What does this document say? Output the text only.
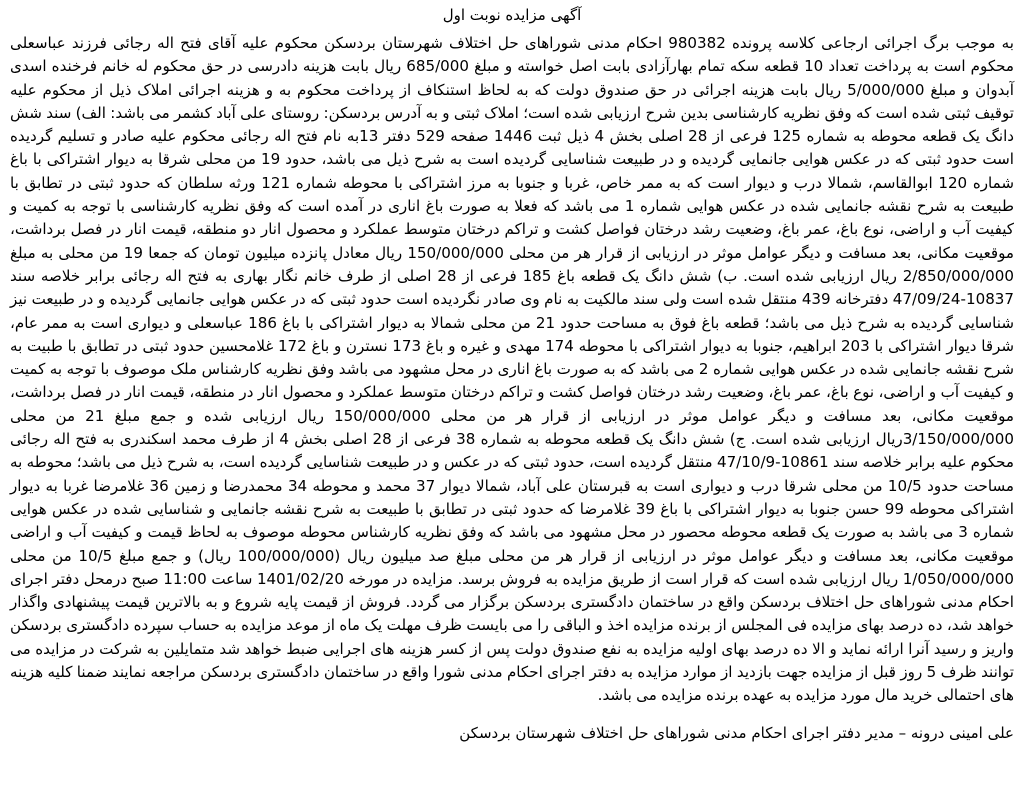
آگهی مزایده نوبت اول

به موجب برگ اجرائی ارجاعی کلاسه پرونده 980382 احکام مدنی شوراهای حل اختلاف شهرستان بردسکن محکوم علیه آقای فتح اله رجائی فرزند عباسعلی محکوم است به پرداخت تعداد 10 قطعه سکه تمام بهارآزادی بابت اصل خواسته و مبلغ 685/000 ریال بابت هزینه دادرسی در حق محکوم له خانم فرخنده اسدی آبدوان و مبلغ 5/000/000 ریال بابت هزینه اجرائی در حق صندوق دولت که به لحاظ استنکاف از پرداخت محکوم به و هزینه اجرائی املاک ذیل از محکوم علیه توقیف ثبتی شده است که وفق نظریه کارشناسی بدین شرح ارزیابی شده است؛ املاک ثبتی و به آدرس بردسکن: روستای علی آباد کشمر می باشد: الف) سند شش دانگ یک قطعه محوطه به شماره 125 فرعی از 28 اصلی بخش 4 ذیل ثبت 1446 صفحه 529 دفتر 13به نام فتح اله رجائی محکوم علیه صادر و تسلیم گردیده است حدود ثبتی که در عکس هوایی جانمایی گردیده و در طبیعت شناسایی گردیده است به شرح ذیل می باشد، حدود 19 من محلی شرقا به دیوار اشتراکی با باغ شماره 120 ابوالقاسم، شمالا درب و دیوار است که به ممر خاص، غربا و جنوبا به مرز اشتراکی با محوطه شماره 121 ورثه سلطان که حدود ثبتی در تطابق با طبیعت به شرح نقشه جانمایی شده در عکس هوایی شماره 1 می باشد که فعلا به صورت باغ اناری در آمده است که وفق نظریه کارشناسی با توجه به کمیت و کیفیت آب و اراضی، نوع باغ، عمر باغ، وضعیت رشد درختان فواصل کشت و تراکم درختان متوسط عملکرد و محصول انار دو منطقه، قیمت انار در فصل برداشت، موقعیت مکانی، بعد مسافت و دیگر عوامل موثر در ارزیابی از قرار هر من محلی 150/000/000 ریال معادل پانزده میلیون تومان که جمعا 19 من محلی به مبلغ 2/850/000/000 ریال ارزیابی شده است. ب) شش دانگ یک قطعه باغ 185 فرعی از 28 اصلی از طرف خانم نگار بهاری به فتح اله رجائی برابر خلاصه سند 10837-47/09/24 دفترخانه 439 منتقل شده است ولی سند مالکیت به نام وی صادر نگردیده است حدود ثبتی که در عکس هوایی جانمایی گردیده و در طبیعت نیز شناسایی گردیده به شرح ذیل می باشد؛ قطعه باغ فوق به مساحت حدود 21 من محلی شمالا به دیوار اشتراکی با باغ 186 عباسعلی و دیواری است به ممر عام، شرقا دیوار اشتراکی با 203 ابراهیم، جنوبا به دیوار اشتراکی با محوطه 174 مهدی و غیره و باغ 173 نسترن و باغ 172 غلامحسین حدود ثبتی در تطابق با طبیت به شرح نقشه جانمایی شده در عکس هوایی شماره 2 می باشد که به صورت باغ اناری در محل مشهود می باشد وفق نظریه کارشناس ملک موصوف با توجه به کمیت و کیفیت آب و اراضی، نوع باغ، عمر باغ، وضعیت رشد درختان فواصل کشت و تراکم درختان متوسط عملکرد و محصول انار در منطقه، قیمت انار در فصل برداشت، موقعیت مکانی، بعد مسافت و دیگر عوامل موثر در ارزیابی از قرار هر من محلی 150/000/000 ریال ارزیابی شده و جمع مبلغ 21 من محلی 3/150/000/000ریال ارزیابی شده است. ج) شش دانگ یک قطعه محوطه به شماره 38 فرعی از 28 اصلی بخش 4 از طرف محمد اسکندری به فتح اله رجائی محکوم علیه برابر خلاصه سند 10861-47/10/9 منتقل گردیده است، حدود ثبتی که در عکس و در طبیعت شناسایی گردیده است، به شرح ذیل می باشد؛ محوطه به مساحت حدود 10/5 من محلی شرقا درب و دیواری است به قبرستان علی آباد، شمالا دیوار 37 محمد و محوطه 34 محمدرضا و زمین 36 غلامرضا غربا به دیوار اشتراکی محوطه 99 حسن جنوبا به دیوار اشتراکی با باغ 39 غلامرضا که حدود ثبتی در تطابق با طبیعت به شرح نقشه جانمایی و شناسایی شده در عکس هوایی شماره 3 می باشد به صورت یک قطعه محوطه محصور در محل مشهود می باشد که وفق نظریه کارشناس محوطه موصوف به لحاظ قیمت و کیفیت آب و اراضی موقعیت مکانی، بعد مسافت و دیگر عوامل موثر در ارزیابی از قرار هر من محلی مبلغ صد میلیون ریال (100/000/000 ریال) و جمع مبلغ 10/5 من محلی 1/050/000/000 ریال ارزیابی شده است که قرار است از طریق مزایده به فروش برسد. مزایده در مورخه 1401/02/20 ساعت 11:00 صبح درمحل دفتر اجرای احکام مدنی شوراهای حل اختلاف بردسکن واقع در ساختمان دادگستری بردسکن برگزار می گردد. فروش از قیمت پایه شروع و به بالاترین قیمت پیشنهادی واگذار خواهد شد، ده درصد بهای مزایده فی المجلس از برنده مزایده اخذ و الباقی را می بایست ظرف مهلت یک ماه از موعد مزایده به حساب سپرده دادگستری بردسکن واریز و رسید آنرا ارائه نماید و الا ده درصد بهای اولیه مزایده به نفع صندوق دولت پس از کسر هزینه های اجرایی ضبط خواهد شد متمایلین به شرکت در مزایده می توانند ظرف 5 روز قبل از مزایده جهت بازدید از موارد مزایده به دفتر اجرای احکام مدنی شورا واقع در ساختمان دادگستری بردسکن مراجعه نمایند ضمنا کلیه هزینه های احتمالی خرید مال مورد مزایده به عهده برنده مزایده می باشد.

علی امینی درونه – مدیر دفتر اجرای احکام مدنی شوراهای حل اختلاف شهرستان بردسکن
